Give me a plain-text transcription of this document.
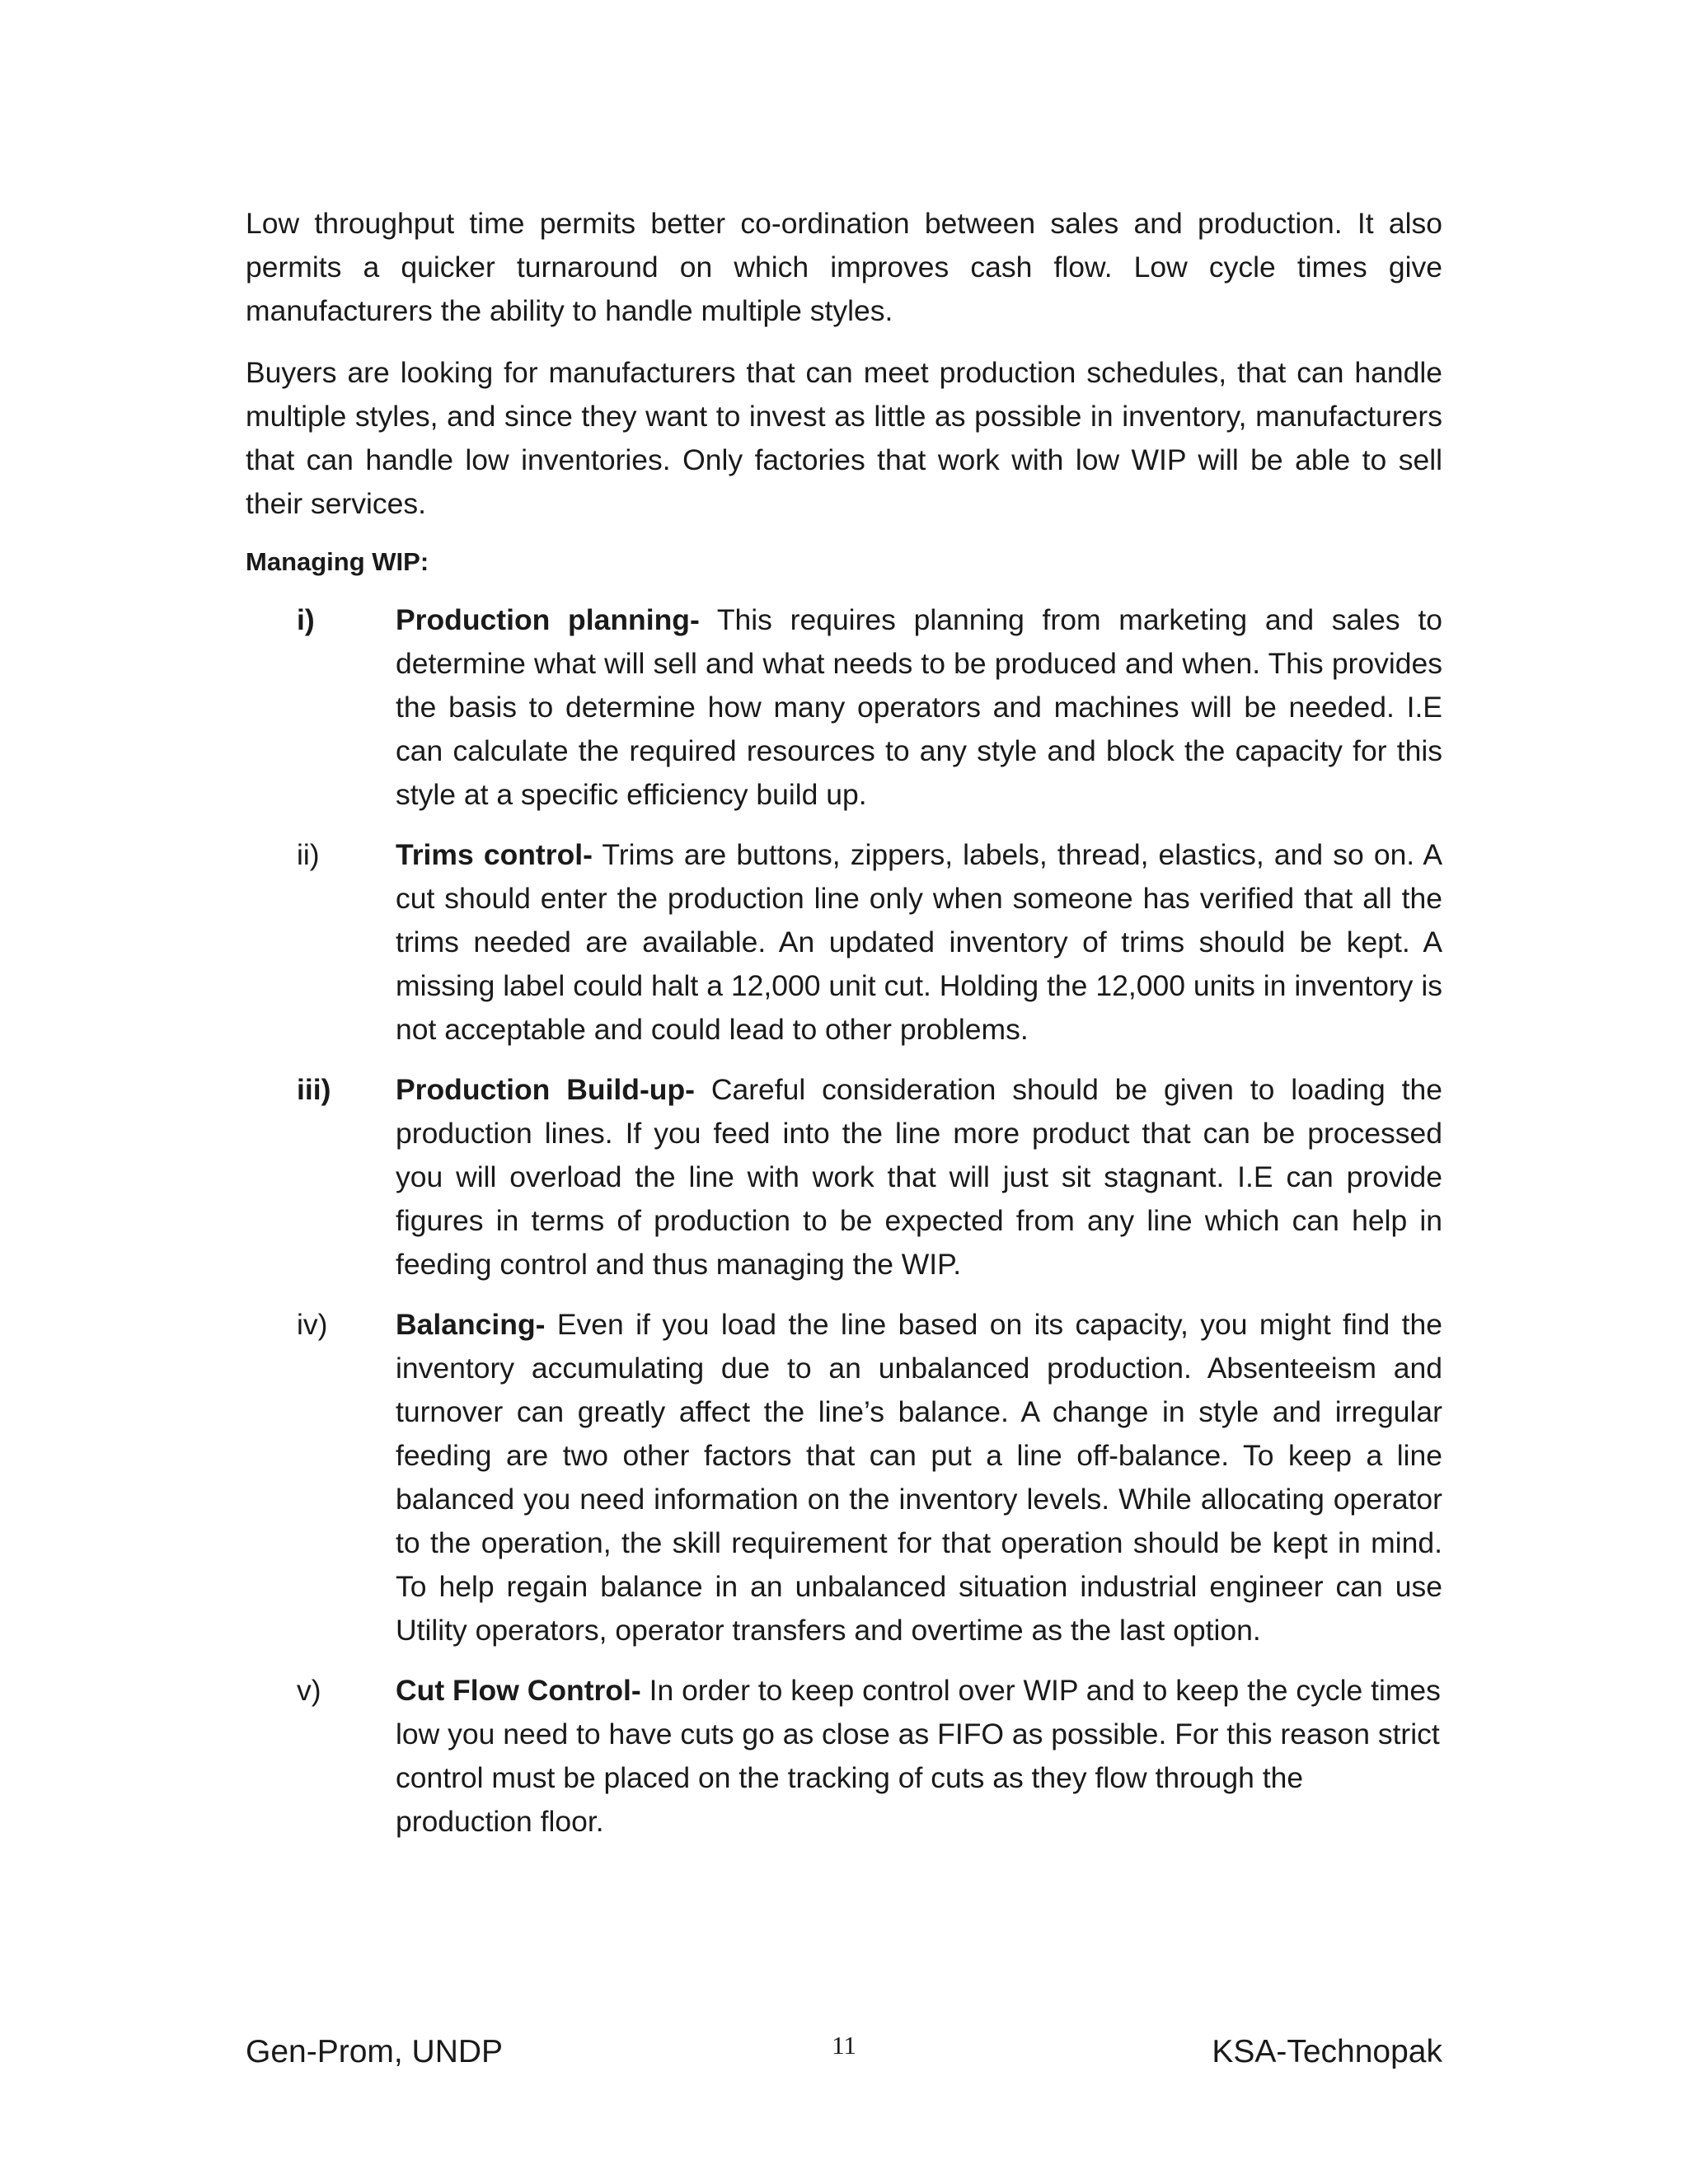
Low throughput time permits better co-ordination between sales and production. It also permits a quicker turnaround on which improves cash flow. Low cycle times give manufacturers the ability to handle multiple styles.

Buyers are looking for manufacturers that can meet production schedules, that can handle multiple styles, and since they want to invest as little as possible in inventory, manufacturers that can handle low inventories. Only factories that work with low WIP will be able to sell their services.

Managing WIP:
i)	Production planning- This requires planning from marketing and sales to determine what will sell and what needs to be produced and when. This provides the basis to determine how many operators and machines will be needed. I.E can calculate the required resources to any style and block the capacity for this style at a specific efficiency build up.

ii)	Trims control- Trims are buttons, zippers, labels, thread, elastics, and so on. A cut should enter the production line only when someone has verified that all the trims needed are available. An updated inventory of trims should be kept. A missing label could halt a 12,000 unit cut. Holding the 12,000 units in inventory is not acceptable and could lead to other problems.

iii) Production Build-up- Careful consideration should be given to loading the production lines. If you feed into the line more product that can be processed you will overload the line with work that will just sit stagnant. I.E can provide figures in terms of production to be expected from any line which can help in feeding control and thus managing the WIP.

iv) Balancing- Even if you load the line based on its capacity, you might find the inventory accumulating due to an unbalanced production. Absenteeism and turnover can greatly affect the line’s balance. A change in style and irregular feeding are two other factors that can put a line off-balance. To keep a line balanced you need information on the inventory levels. While allocating operator to the operation, the skill requirement for that operation should be kept in mind. To help regain balance in an unbalanced situation industrial engineer can use Utility operators, operator transfers and overtime as the last option.

v)	Cut Flow Control- In order to keep control over WIP and to keep the cycle times low you need to have cuts go as close as FIFO as possible. For this reason strict control must be placed on the tracking of cuts as they flow through the production floor.

Gen-Prom, UNDP	11	KSA-Technopak
